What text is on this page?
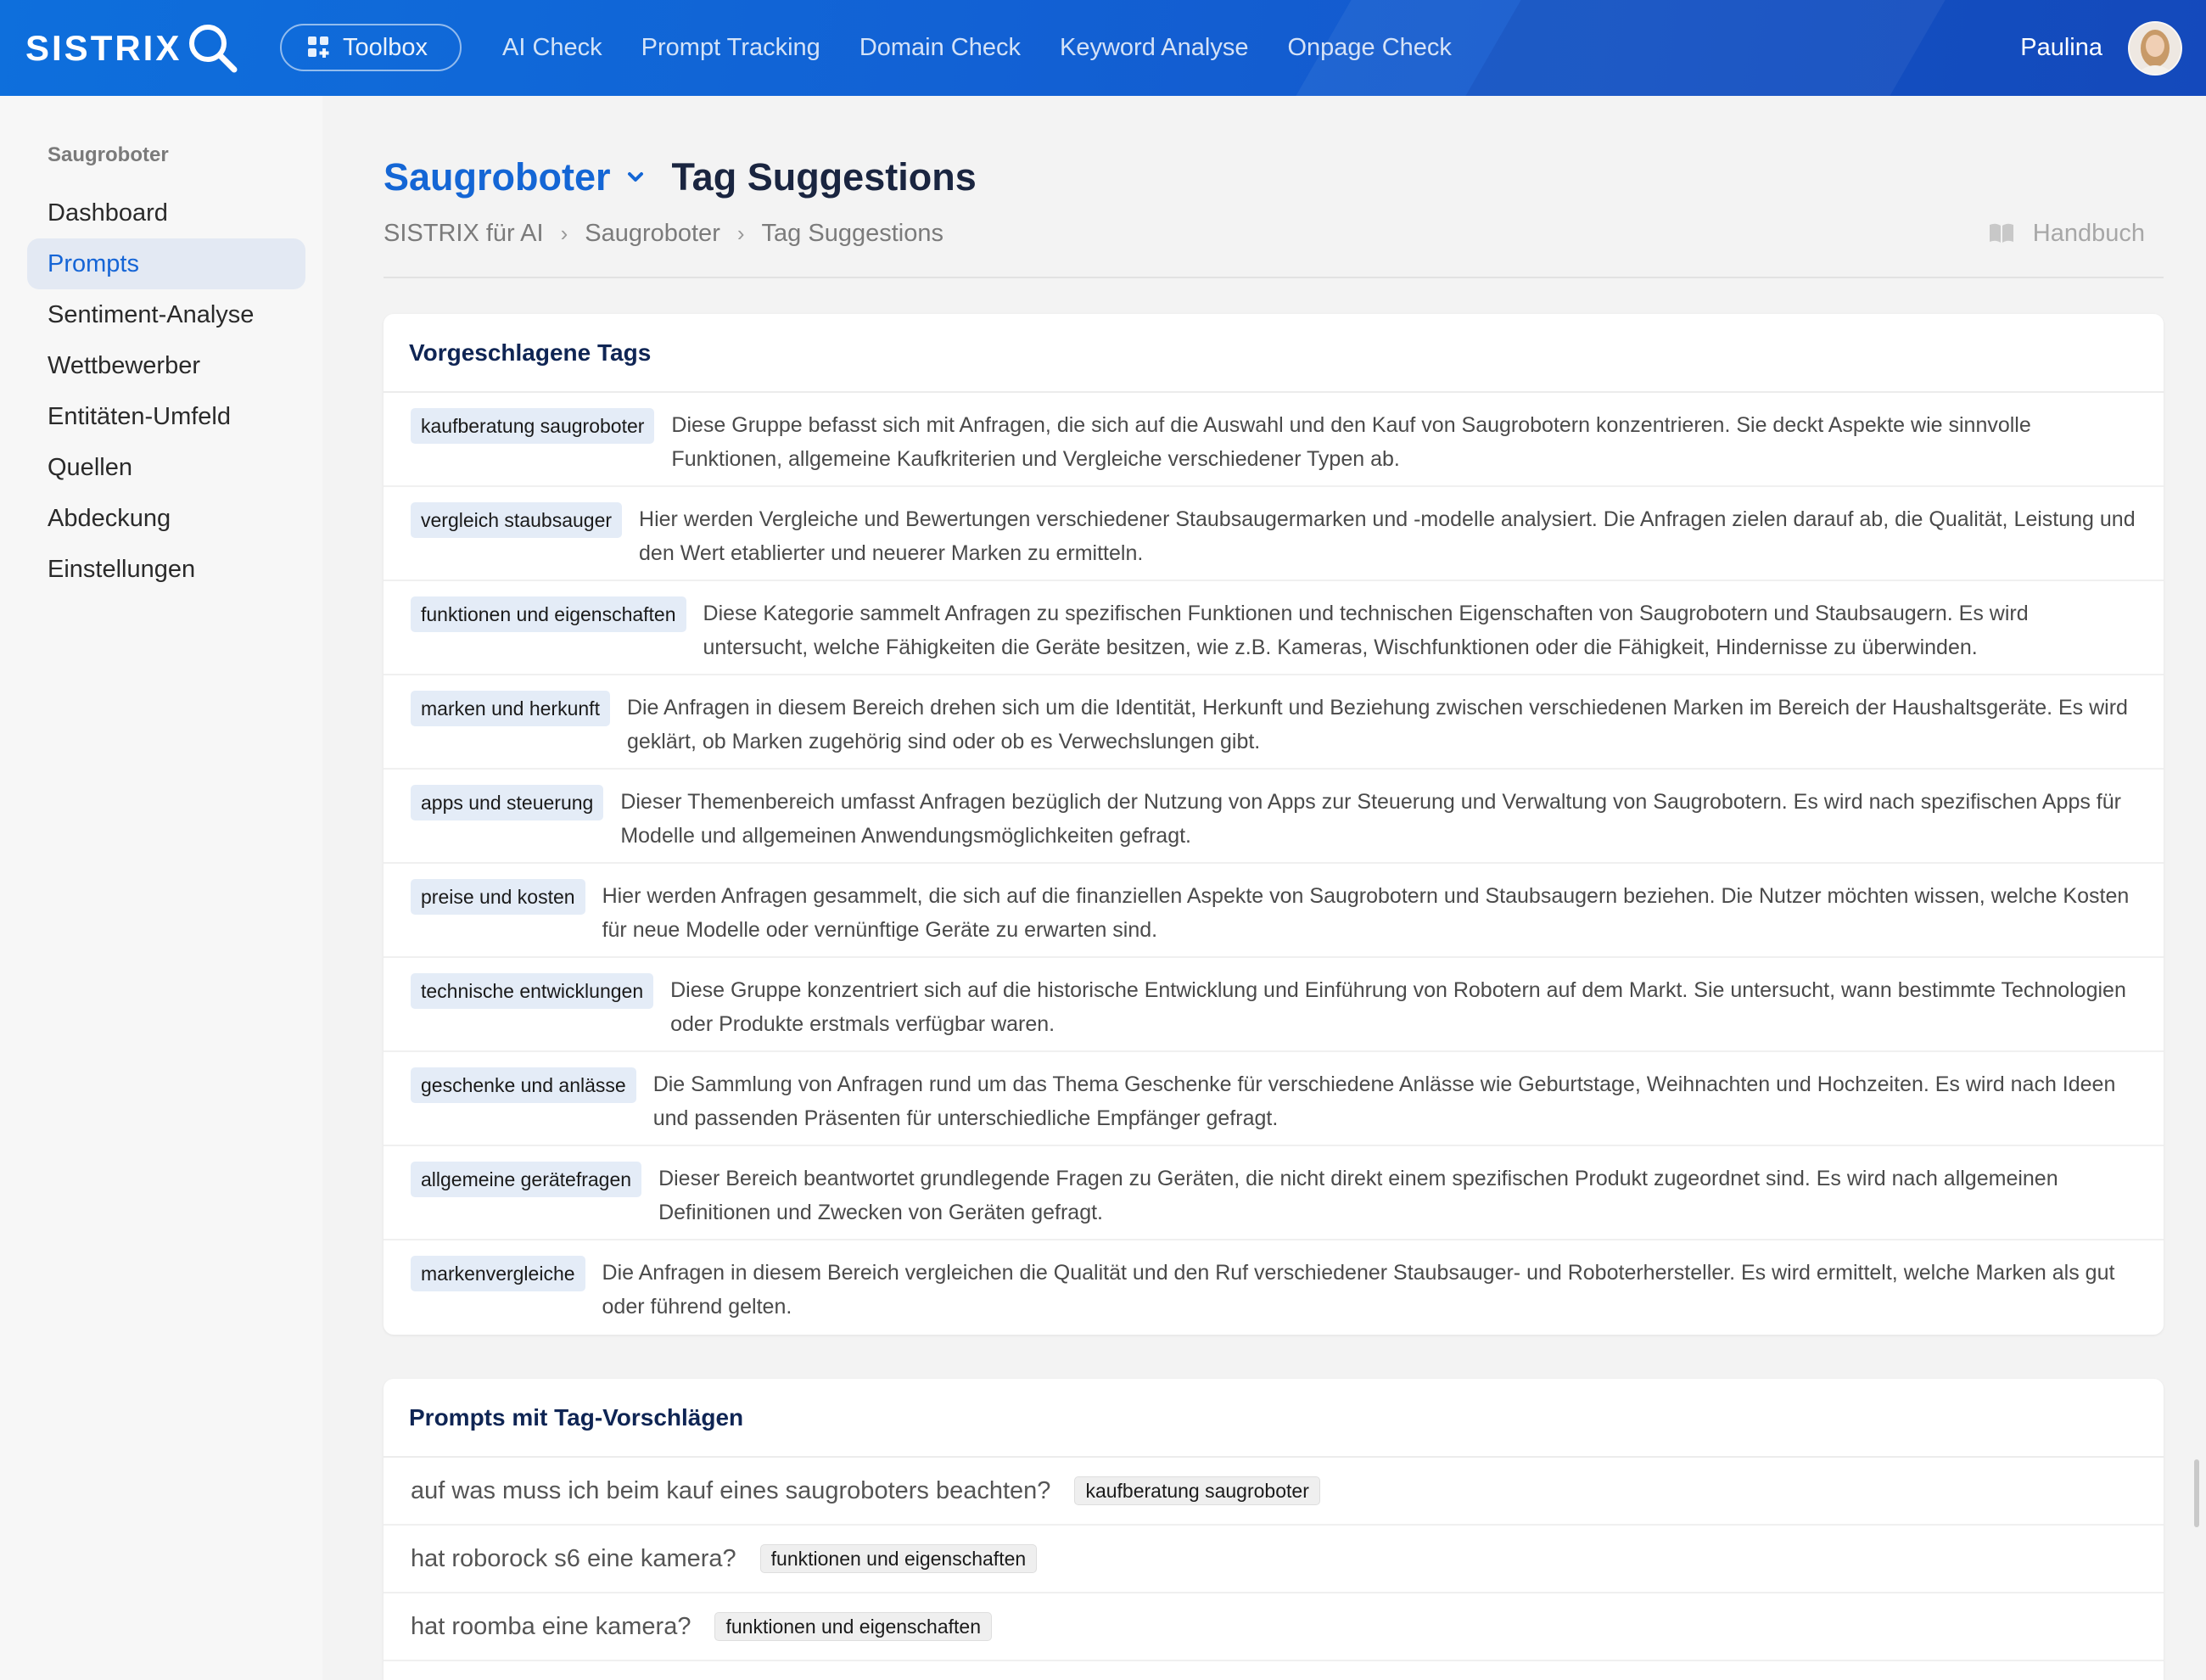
SISTRIX	Toolbox	AI Check Prompt Tracking Domain Check Keyword Analyse Onpage Check	Paulina
Saugroboter
Dashboard
Prompts
Sentiment-Analyse
Wettbewerber
Entitäten-Umfeld
Quellen
Abdeckung
Einstellungen
Saugroboter Tag Suggestions
SISTRIX für AI › Saugroboter › Tag Suggestions	Handbuch
Vorgeschlagene Tags
kaufberatung saugroboter	Diese Gruppe befasst sich mit Anfragen, die sich auf die Auswahl und den Kauf von Saugrobotern konzentrieren. Sie deckt Aspekte wie sinnvolle Funktionen, allgemeine Kaufkriterien und Vergleiche verschiedener Typen ab.
vergleich staubsauger	Hier werden Vergleiche und Bewertungen verschiedener Staubsaugermarken und -modelle analysiert. Die Anfragen zielen darauf ab, die Qualität, Leistung und den Wert etablierter und neuerer Marken zu ermitteln.
funktionen und eigenschaften	Diese Kategorie sammelt Anfragen zu spezifischen Funktionen und technischen Eigenschaften von Saugrobotern und Staubsaugern. Es wird untersucht, welche Fähigkeiten die Geräte besitzen, wie z.B. Kameras, Wischfunktionen oder die Fähigkeit, Hindernisse zu überwinden.
marken und herkunft	Die Anfragen in diesem Bereich drehen sich um die Identität, Herkunft und Beziehung zwischen verschiedenen Marken im Bereich der Haushaltsgeräte. Es wird geklärt, ob Marken zugehörig sind oder ob es Verwechslungen gibt.
apps und steuerung	Dieser Themenbereich umfasst Anfragen bezüglich der Nutzung von Apps zur Steuerung und Verwaltung von Saugrobotern. Es wird nach spezifischen Apps für Modelle und allgemeinen Anwendungsmöglichkeiten gefragt.
preise und kosten	Hier werden Anfragen gesammelt, die sich auf die finanziellen Aspekte von Saugrobotern und Staubsaugern beziehen. Die Nutzer möchten wissen, welche Kosten für neue Modelle oder vernünftige Geräte zu erwarten sind.
technische entwicklungen	Diese Gruppe konzentriert sich auf die historische Entwicklung und Einführung von Robotern auf dem Markt. Sie untersucht, wann bestimmte Technologien oder Produkte erstmals verfügbar waren.
geschenke und anlässe	Die Sammlung von Anfragen rund um das Thema Geschenke für verschiedene Anlässe wie Geburtstage, Weihnachten und Hochzeiten. Es wird nach Ideen und passenden Präsenten für unterschiedliche Empfänger gefragt.
allgemeine gerätefragen	Dieser Bereich beantwortet grundlegende Fragen zu Geräten, die nicht direkt einem spezifischen Produkt zugeordnet sind. Es wird nach allgemeinen Definitionen und Zwecken von Geräten gefragt.
markenvergleiche	Die Anfragen in diesem Bereich vergleichen die Qualität und den Ruf verschiedener Staubsauger- und Roboterhersteller. Es wird ermittelt, welche Marken als gut oder führend gelten.
Prompts mit Tag-Vorschlägen
auf was muss ich beim kauf eines saugroboters beachten?	kaufberatung saugroboter
hat roborock s6 eine kamera?	funktionen und eigenschaften
hat roomba eine kamera?	funktionen und eigenschaften
